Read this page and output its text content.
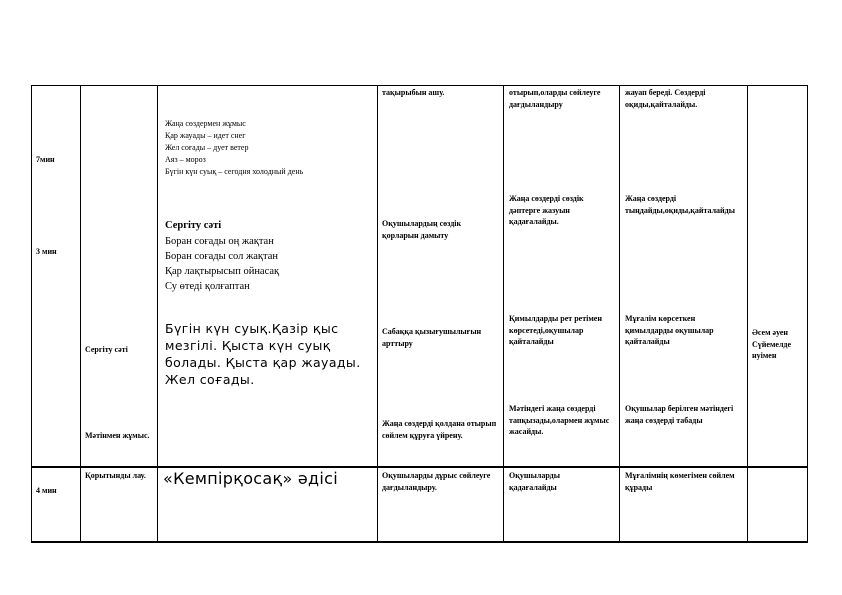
7мин
3 мин
Сергіту сәті
Мәтінмен жұмыс.
Жаңа сөздермен жұмыс
Қар жауады – идет снег
Жел соғады – дует ветер
Аяз – мороз
Бүгін күн суық – сегодня холодный день
Сергіту сәті
Боран соғады оң жақтан
Боран соғады сол жақтан
Қар лақтырысып ойнасақ
Су өтеді қолғаптан
Бүгін күн суық.Қазір қыс мезгілі. Қыста күн суық болады. Қыста қар жауады. Жел соғады.
тақырыбын ашу.
Оқушылардың сөздік қорларын дамыту
Сабаққа қызығушылығын арттыру
Жаңа сөздерді қолдана отырып сөйлем құруға үйрену.
отырып,оларды сөйлеуге дағдыландыру
Жаңа сөздерді сөздік дәптерге жазуын қадағалайды.
Қимылдарды рет ретімен көрсетеді,оқушылар қайталайды
Мәтіндегі жаңа сөздерді тапқызады,олармен жұмыс жасайды.
жауап береді. Сөздерді оқиды,қайталайды.
Жаңа сөздерді тыңдайды,оқиды,қайталайды
Мұғалім көрсеткен қимылдарды оқушылар қайталайды
Оқушылар берілген мәтіндегі жаңа сөздерді табады
Әсем әуен Сүйемелде нуімен
4 мин
Қорытынды лау.	«Кемпірқосақ» әдісі	Оқушыларды дұрыс сөйлеуге дағдыландыру.
Оқушыларды қадағалайды
Мұғалімнің көмегімен сөйлем құрады
